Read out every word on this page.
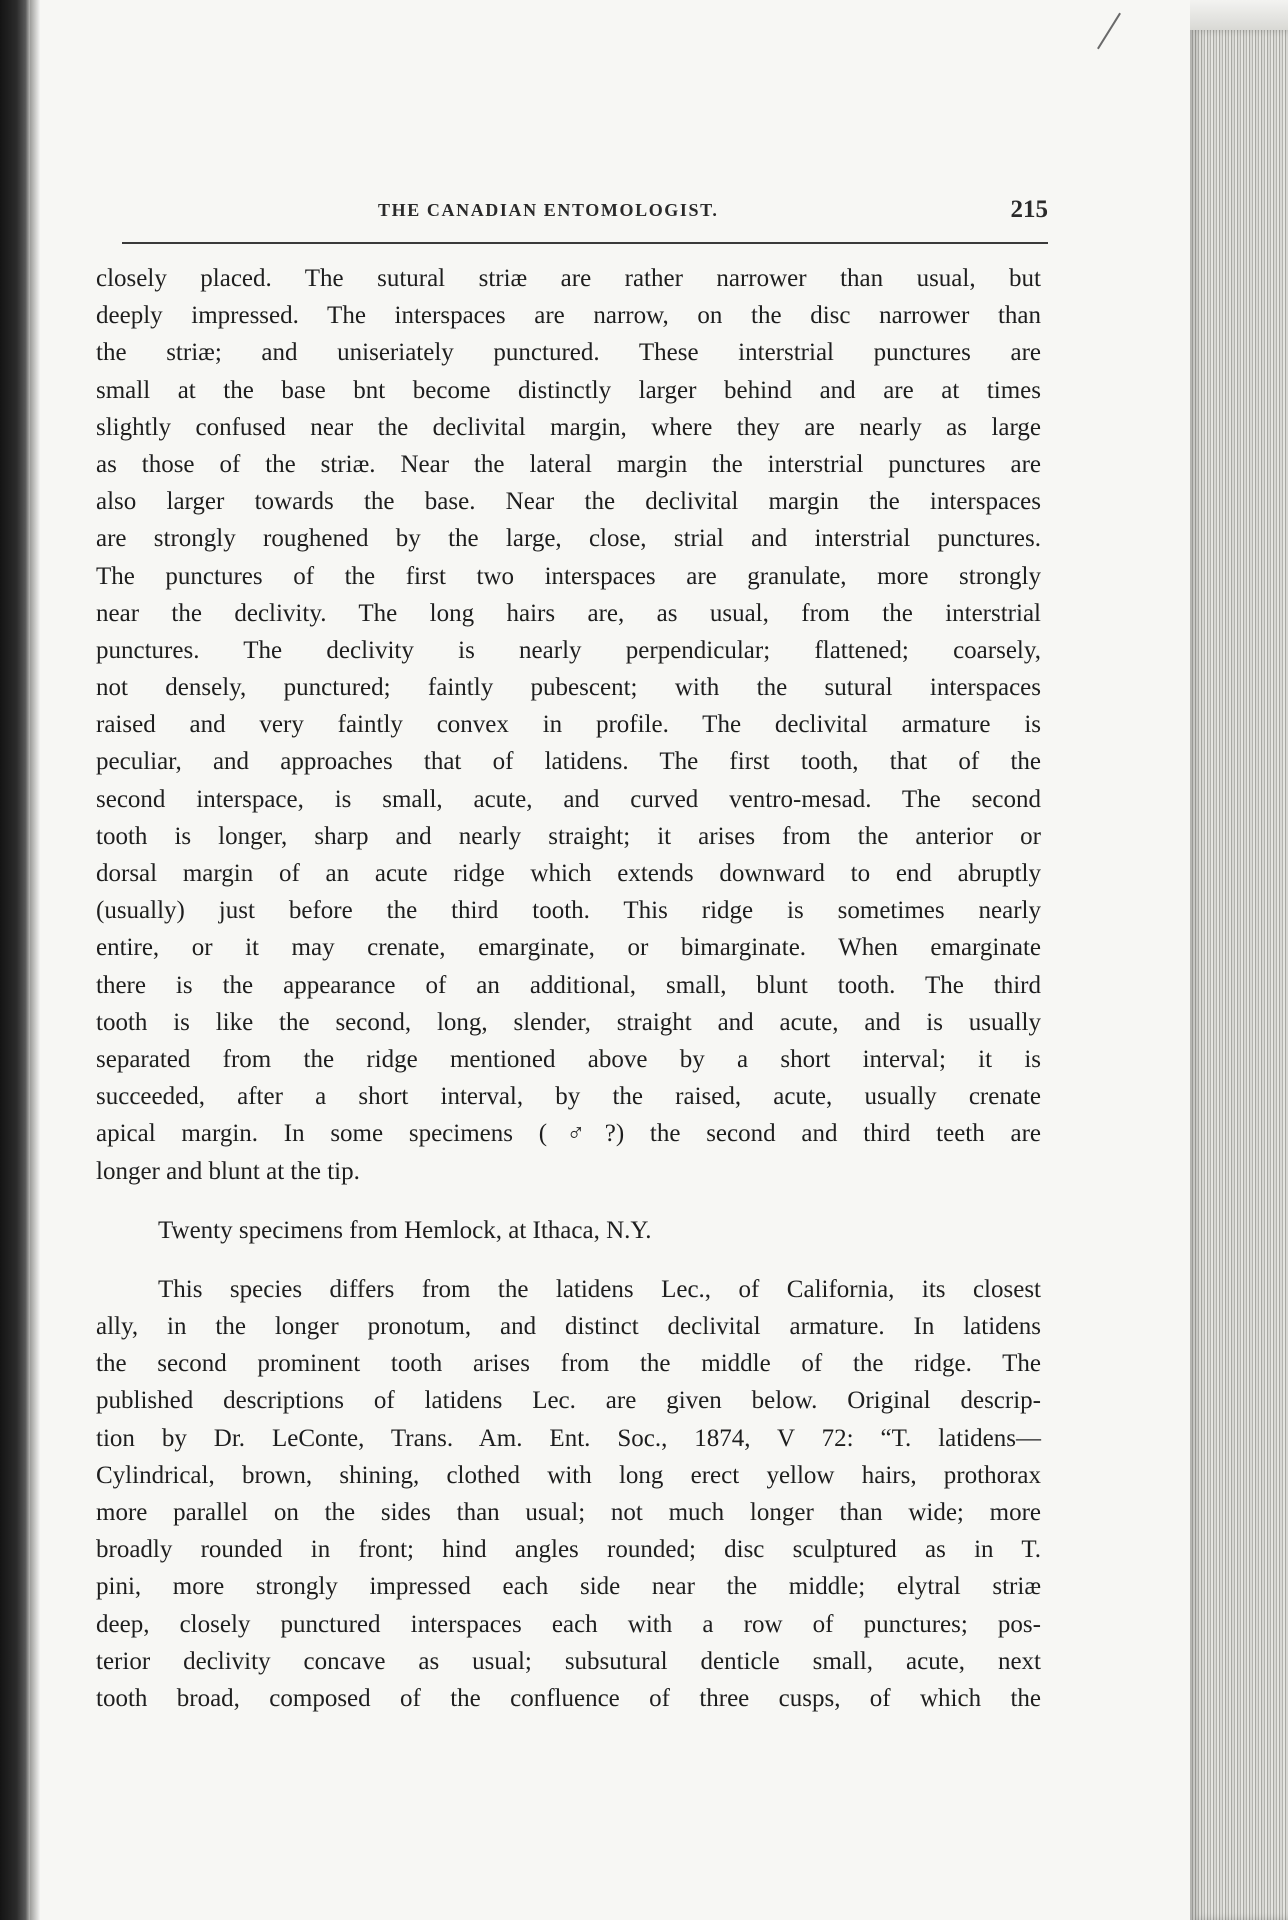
THE CANADIAN ENTOMOLOGIST.	215
closely placed. The sutural striæ are rather narrower than usual, but
deeply impressed. The interspaces are narrow, on the disc narrower than
the striæ; and uniseriately punctured. These interstrial punctures are
small at the base bnt become distinctly larger behind and are at times
slightly confused near the declivital margin, where they are nearly as large
as those of the striæ. Near the lateral margin the interstrial punctures are
also larger towards the base. Near the declivital margin the interspaces
are strongly roughened by the large, close, strial and interstrial punctures.
The punctures of the first two interspaces are granulate, more strongly
near the declivity. The long hairs are, as usual, from the interstrial
punctures. The declivity is nearly perpendicular; flattened; coarsely,
not densely, punctured; faintly pubescent; with the sutural interspaces
raised and very faintly convex in profile. The declivital armature is
peculiar, and approaches that of latidens. The first tooth, that of the
second interspace, is small, acute, and curved ventro-mesad. The second
tooth is longer, sharp and nearly straight; it arises from the anterior or
dorsal margin of an acute ridge which extends downward to end abruptly
(usually) just before the third tooth. This ridge is sometimes nearly
entire, or it may crenate, emarginate, or bimarginate. When emarginate
there is the appearance of an additional, small, blunt tooth. The third
tooth is like the second, long, slender, straight and acute, and is usually
separated from the ridge mentioned above by a short interval; it is
succeeded, after a short interval, by the raised, acute, usually crenate
apical margin. In some specimens (♂?) the second and third teeth are
longer and blunt at the tip.
Twenty specimens from Hemlock, at Ithaca, N.Y.
This species differs from the latidens Lec., of California, its closest
ally, in the longer pronotum, and distinct declivital armature. In latidens
the second prominent tooth arises from the middle of the ridge. The
published descriptions of latidens Lec. are given below. Original descrip-
tion by Dr. LeConte, Trans. Am. Ent. Soc., 1874, V 72: “T. latidens—
Cylindrical, brown, shining, clothed with long erect yellow hairs, prothorax
more parallel on the sides than usual; not much longer than wide; more
broadly rounded in front; hind angles rounded; disc sculptured as in T.
pini, more strongly impressed each side near the middle; elytral striæ
deep, closely punctured interspaces each with a row of punctures; pos-
terior declivity concave as usual; subsutural denticle small, acute, next
tooth broad, composed of the confluence of three cusps, of which the
